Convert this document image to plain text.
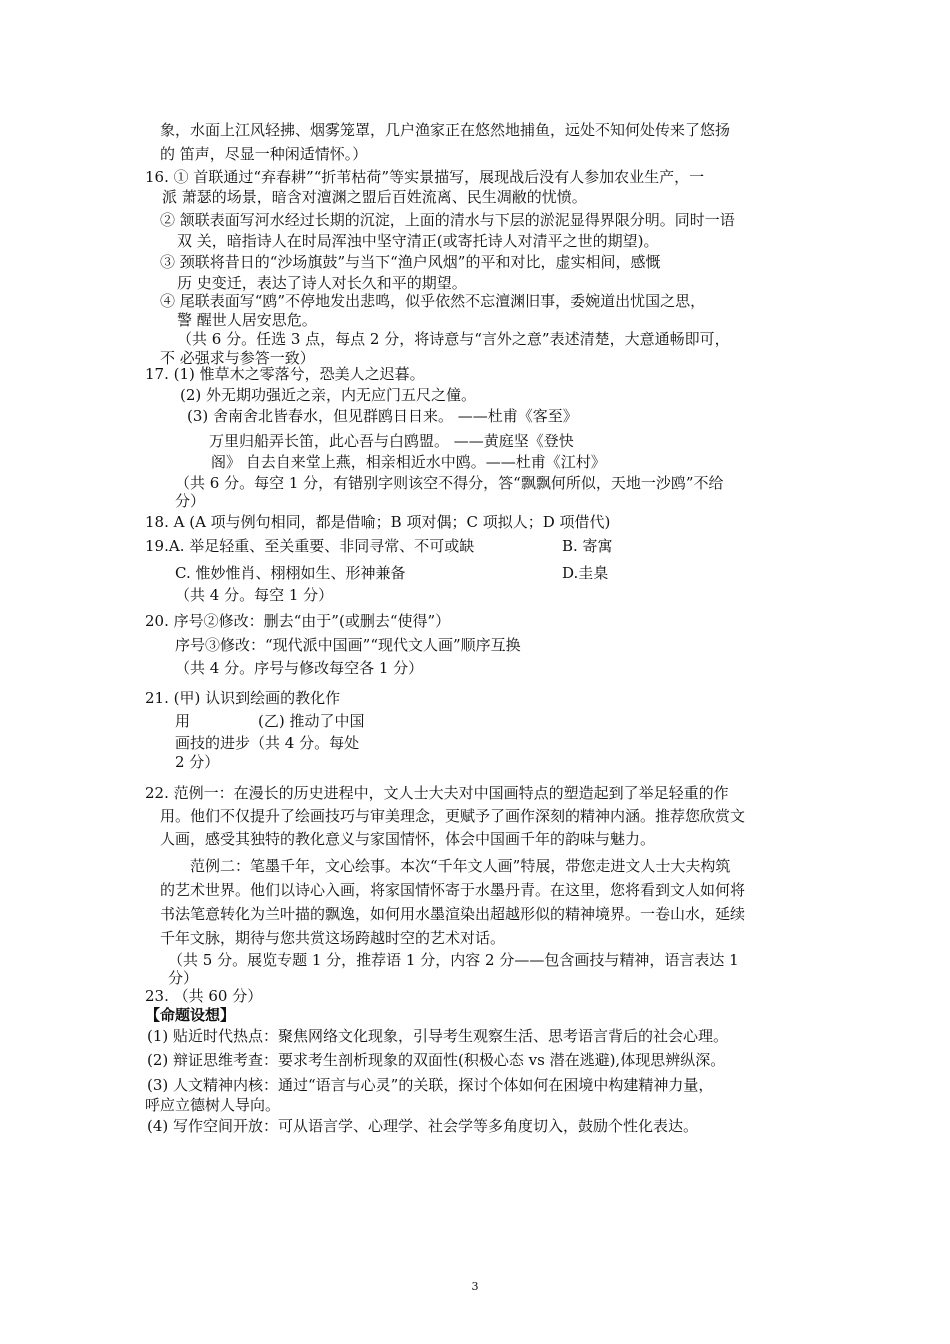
象，水面上江风轻拂、烟雾笼罩，几户渔家正在悠然地捕鱼，远处不知何处传来了悠扬
的 笛声，尽显一种闲适情怀。）
16. ① 首联通过“弃春耕”“折苇枯荷”等实景描写，展现战后没有人参加农业生产，一
派 萧瑟的场景，暗含对澶渊之盟后百姓流离、民生凋敝的忧愤。
② 颔联表面写河水经过长期的沉淀，上面的清水与下层的淤泥显得界限分明。同时一语
双 关，暗指诗人在时局浑浊中坚守清正(或寄托诗人对清平之世的期望)。
③ 颈联将昔日的“沙场旗鼓”与当下“渔户风烟”的平和对比，虚实相间，感慨
历 史变迁，表达了诗人对长久和平的期望。
④ 尾联表面写“鸥”不停地发出悲鸣，似乎依然不忘澶渊旧事，委婉道出忧国之思，
警 醒世人居安思危。
（共 6 分。任选 3 点，每点 2 分，将诗意与“言外之意”表述清楚，大意通畅即可，
不 必强求与参答一致）
17. (1) 惟草木之零落兮，恐美人之迟暮。
(2) 外无期功强近之亲，内无应门五尺之僮。
(3) 舍南舍北皆春水，但见群鸥日日来。 ——杜甫《客至》
万里归船弄长笛，此心吾与白鸥盟。 ——黄庭坚《登快
阁》 自去自来堂上燕，相亲相近水中鸥。——杜甫《江村》
（共 6 分。每空 1 分，有错别字则该空不得分，答“飘飘何所似，天地一沙鸥”不给
分）
18. A (A 项与例句相同，都是借喻；B 项对偶；C 项拟人；D 项借代)
19.A. 举足轻重、至关重要、非同寻常、不可或缺	B. 寄寓
C. 惟妙惟肖、栩栩如生、形神兼备	D.圭臬
（共 4 分。每空 1 分）
20. 序号②修改：删去“由于”(或删去“使得”）
序号③修改：“现代派中国画”“现代文人画”顺序互换
（共 4 分。序号与修改每空各 1 分）
21. (甲) 认识到绘画的教化作
用	(乙) 推动了中国
画技的进步（共 4 分。每处
2 分）
22. 范例一：在漫长的历史进程中，文人士大夫对中国画特点的塑造起到了举足轻重的作
用。他们不仅提升了绘画技巧与审美理念，更赋予了画作深刻的精神内涵。推荐您欣赏文
人画，感受其独特的教化意义与家国情怀，体会中国画千年的韵味与魅力。
范例二：笔墨千年，文心绘事。本次“千年文人画”特展，带您走进文人士大夫构筑
的艺术世界。他们以诗心入画，将家国情怀寄于水墨丹青。在这里，您将看到文人如何将
书法笔意转化为兰叶描的飘逸，如何用水墨渲染出超越形似的精神境界。一卷山水，延续
千年文脉，期待与您共赏这场跨越时空的艺术对话。
（共 5 分。展览专题 1 分，推荐语 1 分，内容 2 分——包含画技与精神，语言表达 1
分）
23. （共 60 分）
【命题设想】
(1) 贴近时代热点：聚焦网络文化现象，引导考生观察生活、思考语言背后的社会心理。
(2) 辩证思维考查：要求考生剖析现象的双面性(积极心态 vs 潜在逃避),体现思辨纵深。
(3) 人文精神内核：通过“语言与心灵”的关联，探讨个体如何在困境中构建精神力量，
呼应立德树人导向。
(4) 写作空间开放：可从语言学、心理学、社会学等多角度切入，鼓励个性化表达。
3
